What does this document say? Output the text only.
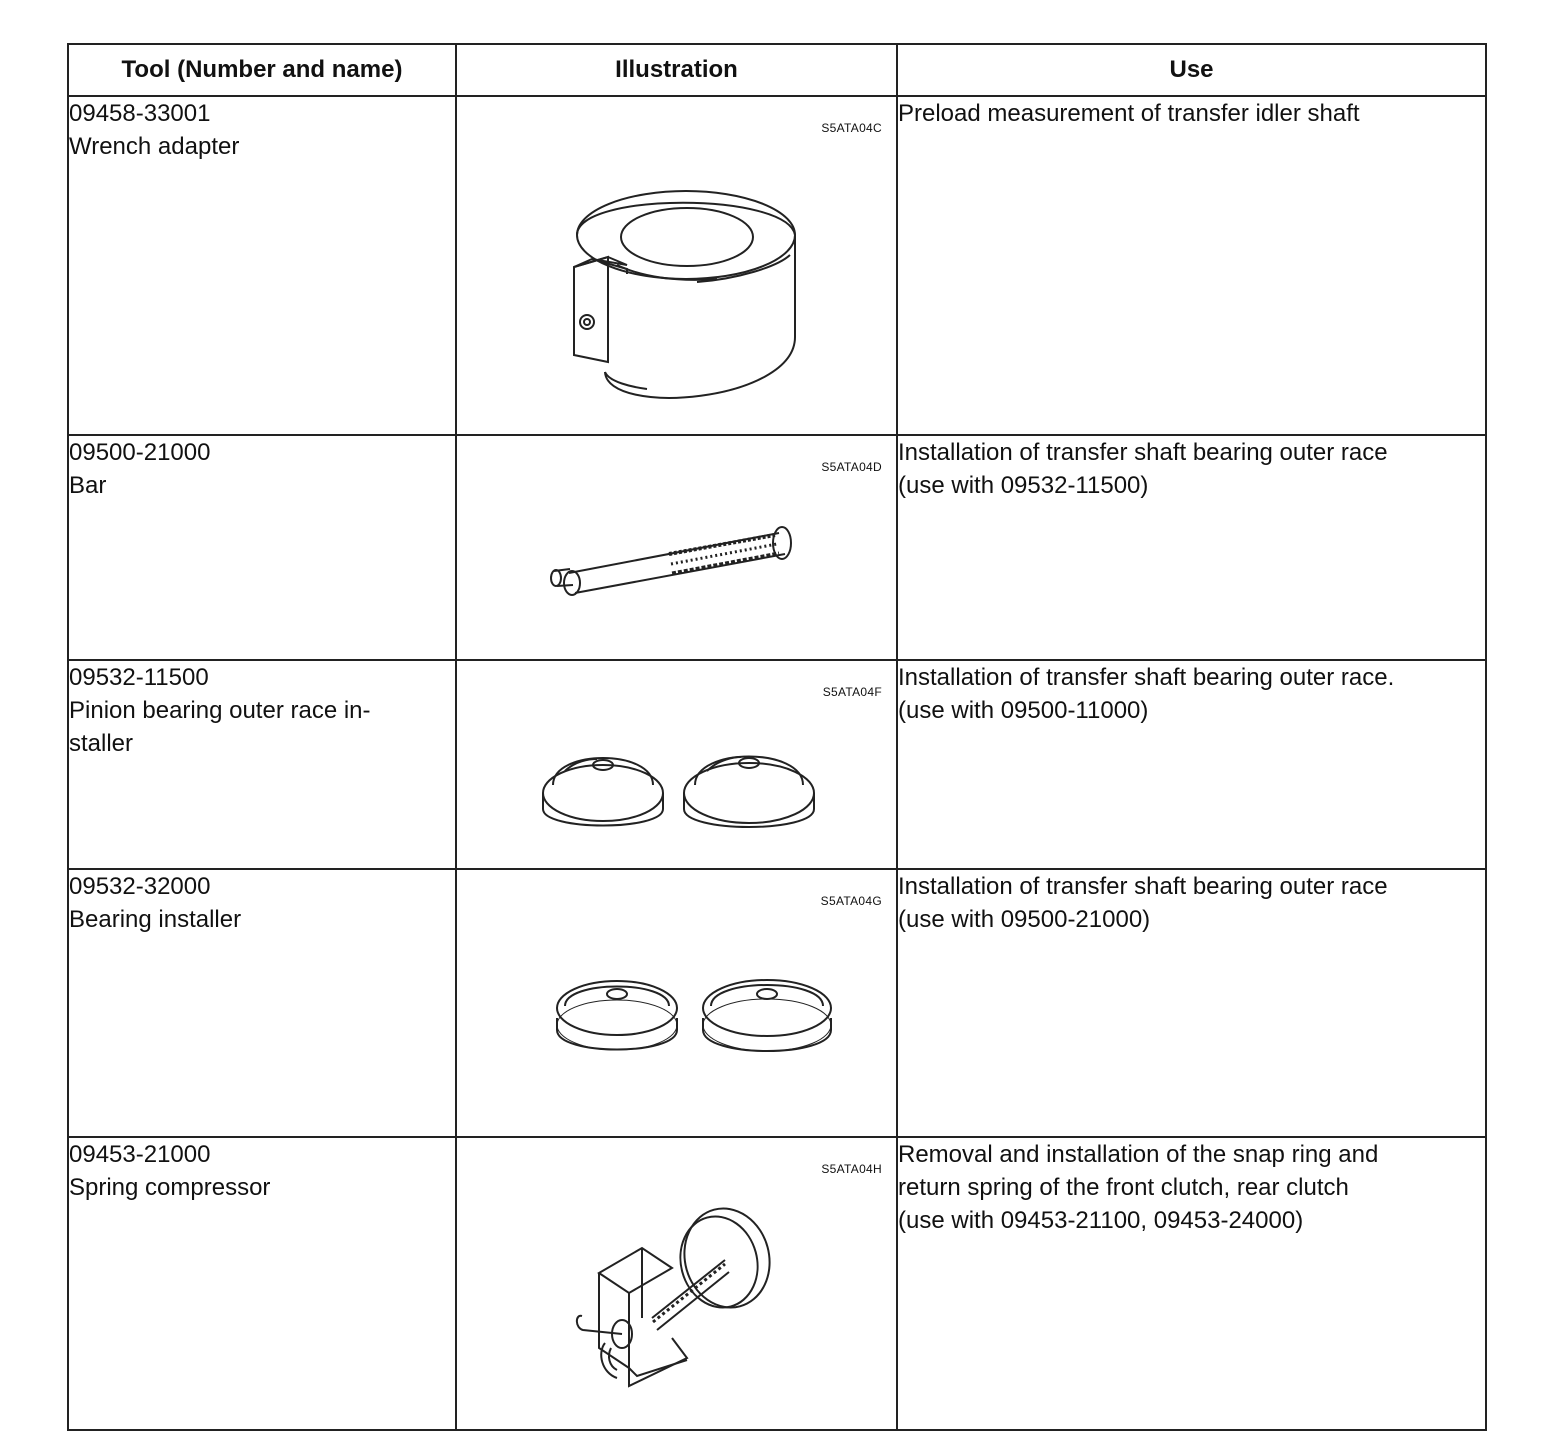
Tool (Number and name)	Illustration	Use

09458-33001
Wrench adapter	S5ATA04C	Preload measurement of transfer idler shaft

09500-21000
Bar	S5ATA04D	Installation of transfer shaft bearing outer race
(use with 09532-11500)

09532-11500
Pinion bearing outer race in-
staller	S5ATA04F	Installation of transfer shaft bearing outer race.
(use with 09500-11000)

09532-32000
Bearing installer	S5ATA04G	Installation of transfer shaft bearing outer race
(use with 09500-21000)

09453-21000
Spring compressor	S5ATA04H	Removal and installation of the snap ring and
return spring of the front clutch, rear clutch
(use with 09453-21100, 09453-24000)
